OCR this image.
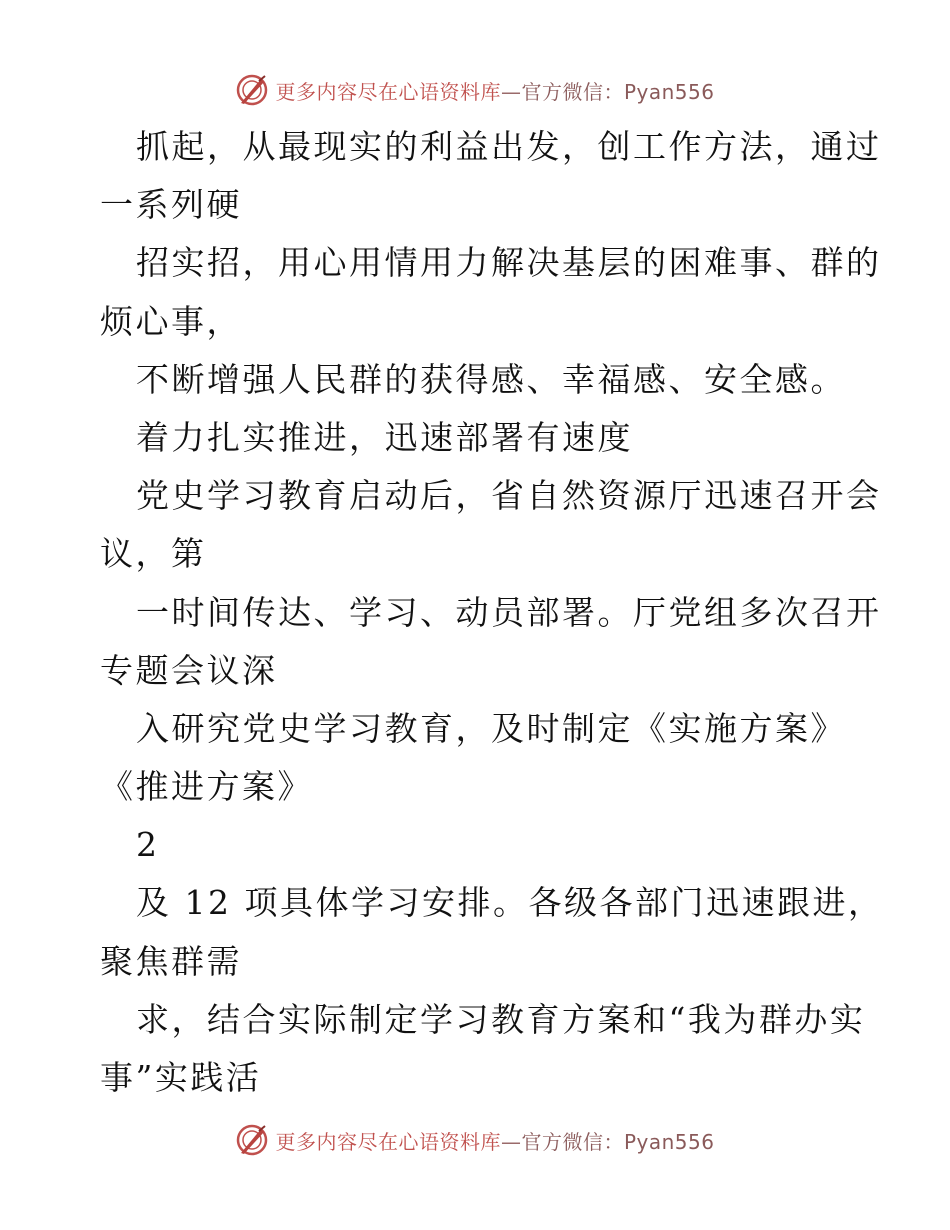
更多内容尽在心语资料库—官方微信：Pyan556
抓起，从最现实的利益出发，创工作方法，通过
一系列硬
招实招，用心用情用力解决基层的困难事、群的
烦心事，
不断增强人民群的获得感、幸福感、安全感。
着力扎实推进，迅速部署有速度
党史学习教育启动后，省自然资源厅迅速召开会
议，第
一时间传达、学习、动员部署。厅党组多次召开
专题会议深
入研究党史学习教育，及时制定《实施方案》
《推进方案》
2
及 12 项具体学习安排。各级各部门迅速跟进，
聚焦群需
求，结合实际制定学习教育方案和“我为群办实
事”实践活
更多内容尽在心语资料库—官方微信：Pyan556
